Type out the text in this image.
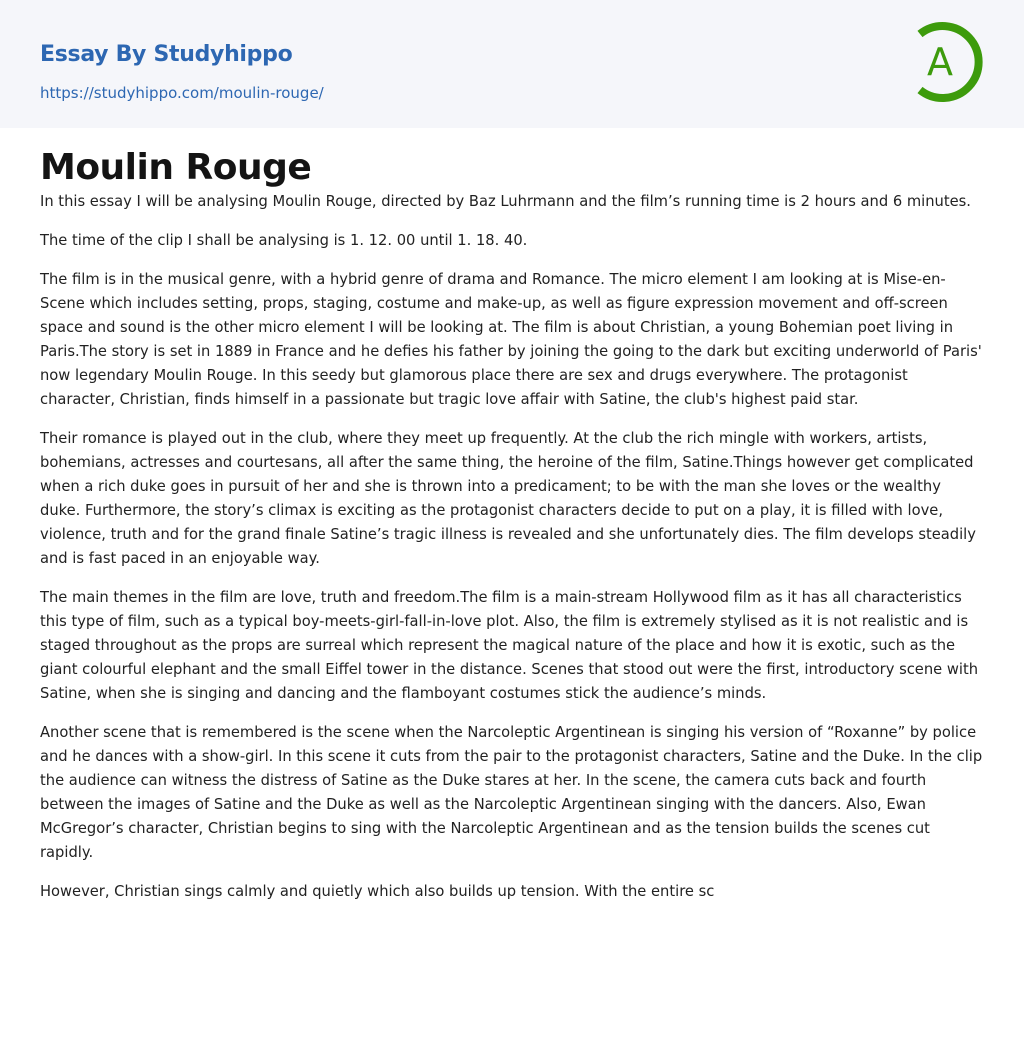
Essay By Studyhippo
https://studyhippo.com/moulin-rouge/
A
Moulin Rouge

In this essay I will be analysing Moulin Rouge, directed by Baz Luhrmann and the film’s running time is 2 hours and 6 minutes.

The time of the clip I shall be analysing is 1. 12. 00 until 1. 18. 40.

The film is in the musical genre, with a hybrid genre of drama and Romance. The micro element I am looking at is Mise-en-Scene which includes setting, props, staging, costume and make-up, as well as figure expression movement and off-screen space and sound is the other micro element I will be looking at. The film is about Christian, a young Bohemian poet living in Paris.The story is set in 1889 in France and he defies his father by joining the going to the dark but exciting underworld of Paris' now legendary Moulin Rouge. In this seedy but glamorous place there are sex and drugs everywhere. The protagonist character, Christian, finds himself in a passionate but tragic love affair with Satine, the club's highest paid star.

Their romance is played out in the club, where they meet up frequently. At the club the rich mingle with workers, artists, bohemians, actresses and courtesans, all after the same thing, the heroine of the film, Satine.Things however get complicated when a rich duke goes in pursuit of her and she is thrown into a predicament; to be with the man she loves or the wealthy duke. Furthermore, the story’s climax is exciting as the protagonist characters decide to put on a play, it is filled with love, violence, truth and for the grand finale Satine’s tragic illness is revealed and she unfortunately dies. The film develops steadily and is fast paced in an enjoyable way.

The main themes in the film are love, truth and freedom.The film is a main-stream Hollywood film as it has all characteristics this type of film, such as a typical boy-meets-girl-fall-in-love plot. Also, the film is extremely stylised as it is not realistic and is staged throughout as the props are surreal which represent the magical nature of the place and how it is exotic, such as the giant colourful elephant and the small Eiffel tower in the distance. Scenes that stood out were the first, introductory scene with Satine, when she is singing and dancing and the flamboyant costumes stick the audience’s minds.

Another scene that is remembered is the scene when the Narcoleptic Argentinean is singing his version of “Roxanne” by police and he dances with a show-girl. In this scene it cuts from the pair to the protagonist characters, Satine and the Duke. In the clip the audience can witness the distress of Satine as the Duke stares at her. In the scene, the camera cuts back and fourth between the images of Satine and the Duke as well as the Narcoleptic Argentinean singing with the dancers. Also, Ewan McGregor’s character, Christian begins to sing with the Narcoleptic Argentinean and as the tension builds the scenes cut rapidly.

However, Christian sings calmly and quietly which also builds up tension. With the entire sc
